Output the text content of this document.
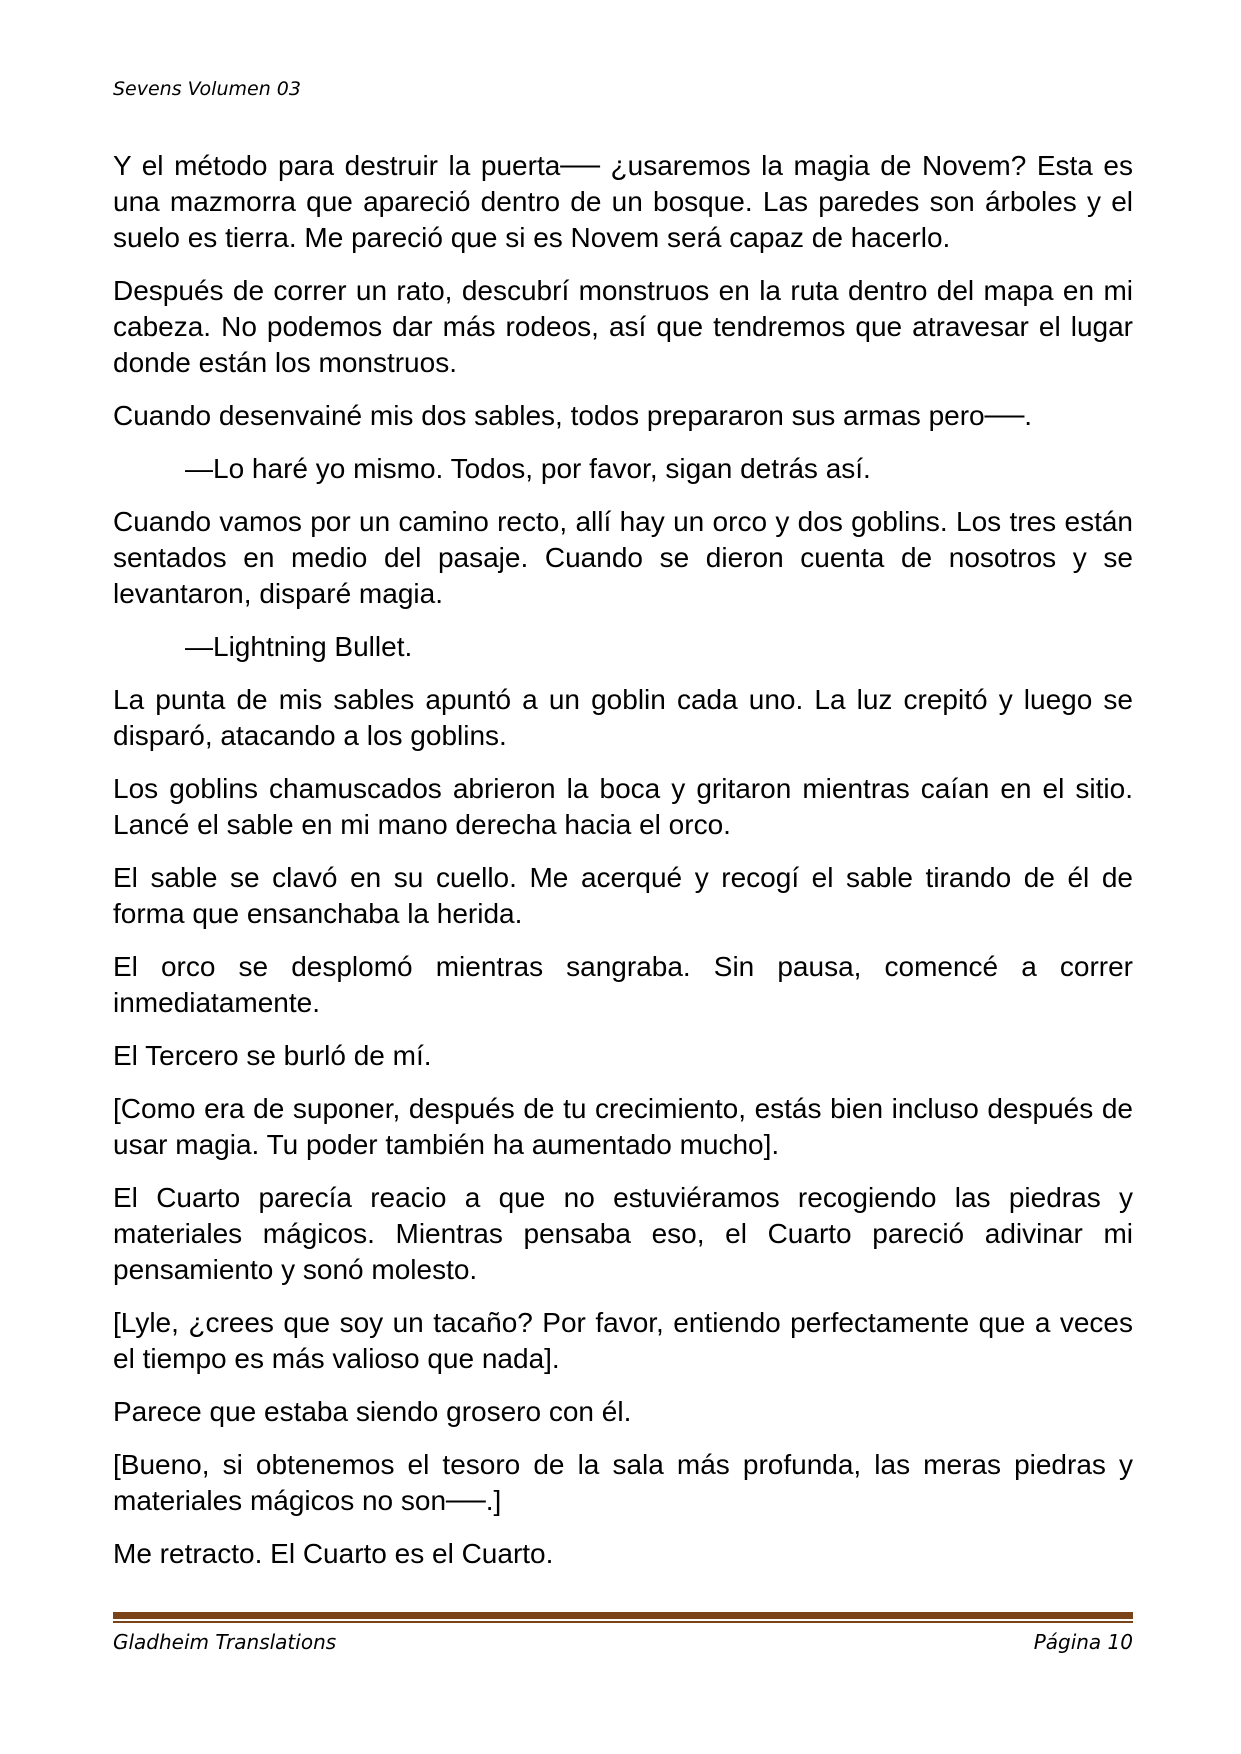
Sevens Volumen 03

Y el método para destruir la puerta── ¿usaremos la magia de Novem? Esta es una mazmorra que apareció dentro de un bosque. Las paredes son árboles y el suelo es tierra. Me pareció que si es Novem será capaz de hacerlo.

Después de correr un rato, descubrí monstruos en la ruta dentro del mapa en mi cabeza. No podemos dar más rodeos, así que tendremos que atravesar el lugar donde están los monstruos.

Cuando desenvainé mis dos sables, todos prepararon sus armas pero──.

—Lo haré yo mismo. Todos, por favor, sigan detrás así.

Cuando vamos por un camino recto, allí hay un orco y dos goblins. Los tres están sentados en medio del pasaje. Cuando se dieron cuenta de nosotros y se levantaron, disparé magia.

—Lightning Bullet.

La punta de mis sables apuntó a un goblin cada uno. La luz crepitó y luego se disparó, atacando a los goblins.

Los goblins chamuscados abrieron la boca y gritaron mientras caían en el sitio. Lancé el sable en mi mano derecha hacia el orco.

El sable se clavó en su cuello. Me acerqué y recogí el sable tirando de él de forma que ensanchaba la herida.

El orco se desplomó mientras sangraba. Sin pausa, comencé a correr inmediatamente.

El Tercero se burló de mí.

[Como era de suponer, después de tu crecimiento, estás bien incluso después de usar magia. Tu poder también ha aumentado mucho].

El Cuarto parecía reacio a que no estuviéramos recogiendo las piedras y materiales mágicos. Mientras pensaba eso, el Cuarto pareció adivinar mi pensamiento y sonó molesto.

[Lyle, ¿crees que soy un tacaño? Por favor, entiendo perfectamente que a veces el tiempo es más valioso que nada].

Parece que estaba siendo grosero con él.

[Bueno, si obtenemos el tesoro de la sala más profunda, las meras piedras y materiales mágicos no son──.]

Me retracto. El Cuarto es el Cuarto.

Gladheim Translations	Página 10
